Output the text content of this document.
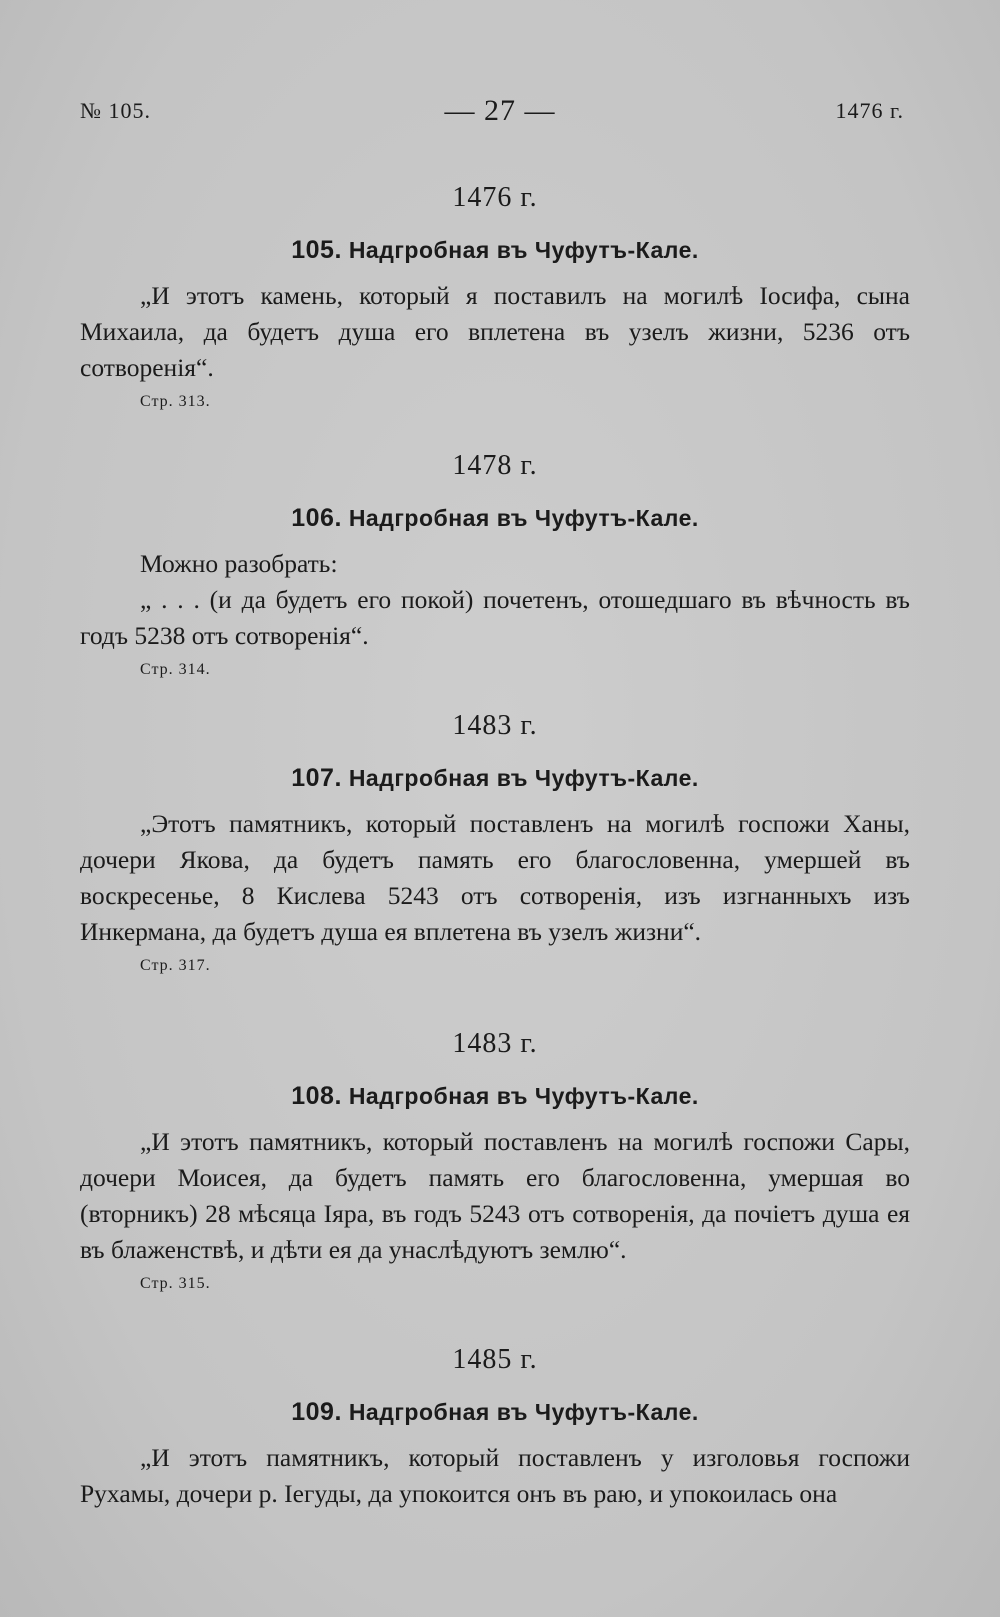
№ 105.	— 27 —	1476 г.
1476 г.
105. Надгробная въ Чуфутъ-Кале.

„И этотъ камень, который я поставилъ на могилѣ Іосифа, сына Михаила, да будетъ душа его вплетена въ узелъ жизни, 5236 отъ сотворенія“.

Стр. 313.
1478 г.
106. Надгробная въ Чуфутъ-Кале.

Можно разобрать:

„ . . . (и да будетъ его покой) почетенъ, отошедшаго въ вѣчность въ годъ 5238 отъ сотворенія“.

Стр. 314.
1483 г.
107. Надгробная въ Чуфутъ-Кале.

„Этотъ памятникъ, который поставленъ на могилѣ госпожи Ханы, дочери Якова, да будетъ память его благословенна, умершей въ воскресенье, 8 Кислева 5243 отъ сотворенія, изъ изгнанныхъ изъ Инкермана, да будетъ душа ея вплетена въ узелъ жизни“.

Стр. 317.
1483 г.
108. Надгробная въ Чуфутъ-Кале.

„И этотъ памятникъ, который поставленъ на могилѣ госпожи Сары, дочери Моисея, да будетъ память его благословенна, умершая во (вторникъ) 28 мѣсяца Іяра, въ годъ 5243 отъ сотворенія, да почіетъ душа ея въ блаженствѣ, и дѣти ея да унаслѣдуютъ землю“.

Стр. 315.
1485 г.
109. Надгробная въ Чуфутъ-Кале.

„И этотъ памятникъ, который поставленъ у изголовья госпожи Рухамы, дочери р. Іегуды, да упокоится онъ въ раю, и упокоилась она
